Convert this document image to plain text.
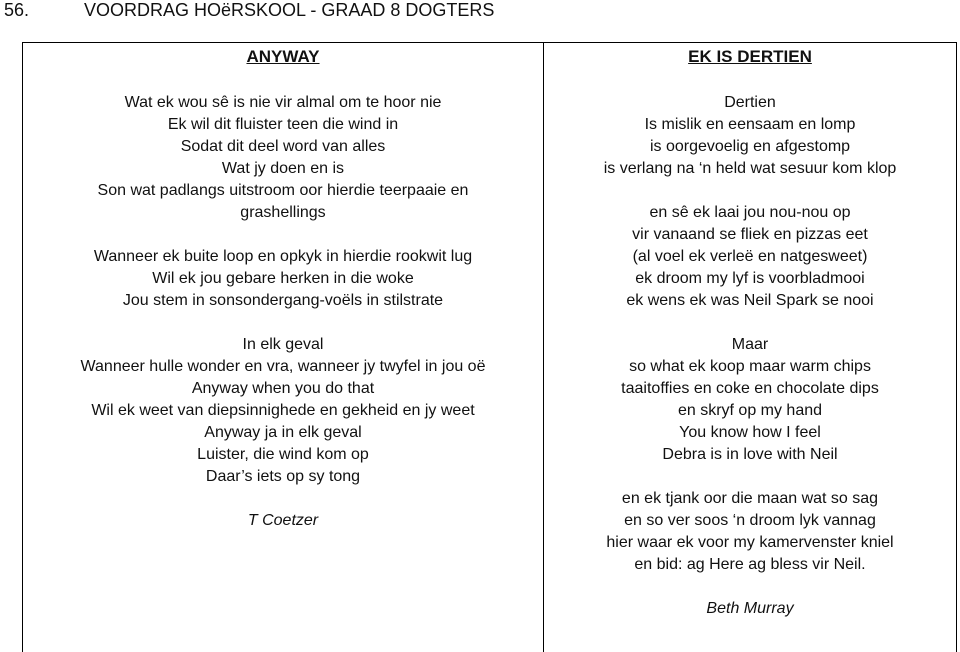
56.	VOORDRAG HOëRSKOOL - GRAAD 8 DOGTERS
ANYWAY
Wat ek wou sê is nie vir almal om te hoor nie
Ek wil dit fluister teen die wind in
Sodat dit deel word van alles
Wat jy doen en is
Son wat padlangs uitstroom oor hierdie teerpaaie en
grashellings
Wanneer ek buite loop en opkyk in hierdie rookwit lug
Wil ek jou gebare herken in die woke
Jou stem in sonsondergang-voëls in stilstrate
In elk geval
Wanneer hulle wonder en vra, wanneer jy twyfel in jou oë
Anyway when you do that
Wil ek weet van diepsinnighede en gekheid en jy weet
Anyway ja in elk geval
Luister, die wind kom op
Daar’s iets op sy tong
T Coetzer
EK IS DERTIEN
Dertien
Is mislik en eensaam en lomp
is oorgevoelig en afgestomp
is verlang na ‘n held wat sesuur kom klop
en sê ek laai jou nou-nou op
vir vanaand se fliek en pizzas eet
(al voel ek verleë en natgesweet)
ek droom my lyf is voorbladmooi
ek wens ek was Neil Spark se nooi
Maar
so what ek koop maar warm chips
taaitoffies en coke en chocolate dips
en skryf op my hand
You know how I feel
Debra is in love with Neil
en ek tjank oor die maan wat so sag
en so ver soos ‘n droom lyk vannag
hier waar ek voor my kamervenster kniel
en bid: ag Here ag bless vir Neil.
Beth Murray
